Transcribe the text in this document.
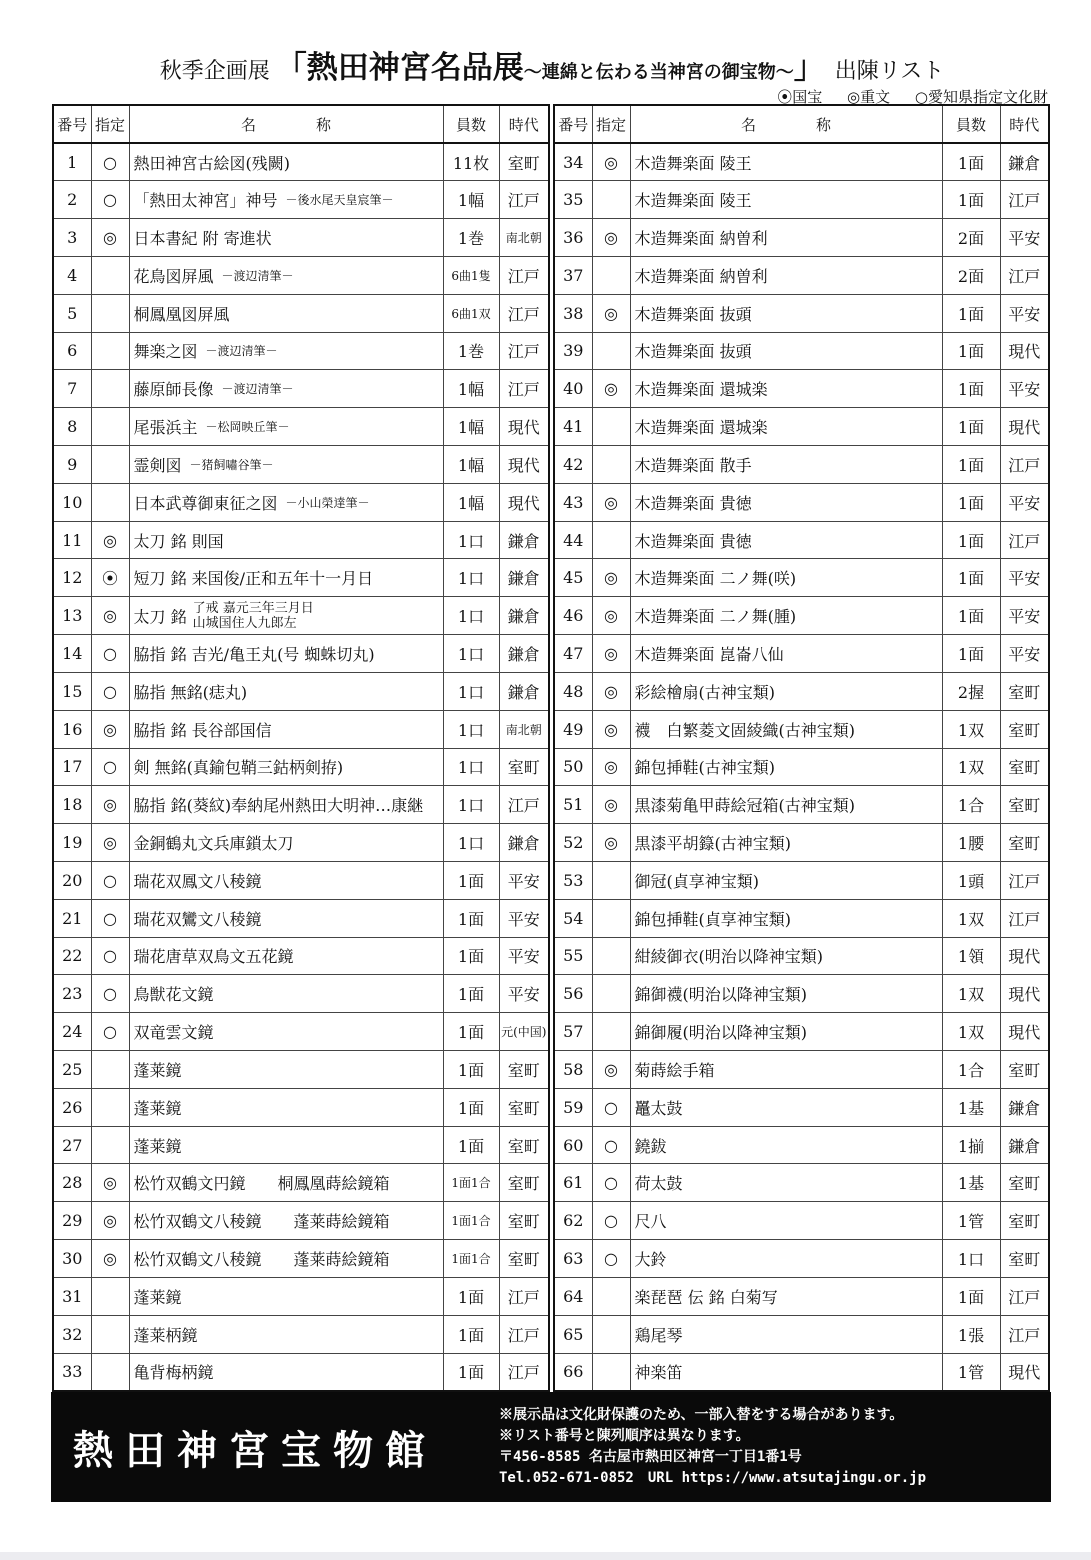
秋季企画展 「熱田神宮名品展 ～連綿と伝わる当神宮の御宝物～ 」 出陳リスト
⦿国宝 ◎重文 ○愛知県指定文化財
番号	指定	名　　　　称	員数	時代
1	○	熱田神宮古絵図(残闕)	11枚	室町
2	○	「熱田太神宮」神号 －後水尾天皇宸筆－	1幅	江戸
3	◎	日本書紀 附 寄進状	1巻	南北朝
4		花鳥図屏風 －渡辺清筆－	6曲1隻	江戸
5		桐鳳凰図屏風	6曲1双	江戸
6		舞楽之図 －渡辺清筆－	1巻	江戸
7		藤原師長像 －渡辺清筆－	1幅	江戸
8		尾張浜主 －松岡映丘筆－	1幅	現代
9		霊剣図 －猪飼嘯谷筆－	1幅	現代
10		日本武尊御東征之図 －小山榮達筆－	1幅	現代
11	◎	太刀 銘 則国	1口	鎌倉
12	⦿	短刀 銘 来国俊/正和五年十一月日	1口	鎌倉
13	◎	太刀 銘 了戒 嘉元三年三月日
山城国住人九郎左	1口	鎌倉
14	○	脇指 銘 吉光/亀王丸(号 蜘蛛切丸)	1口	鎌倉
15	○	脇指 無銘(痣丸)	1口	鎌倉
16	◎	脇指 銘 長谷部国信	1口	南北朝
17	○	剣 無銘(真鍮包鞘三鈷柄剣拵)	1口	室町
18	◎	脇指 銘(葵紋)奉納尾州熱田大明神…康継	1口	江戸
19	◎	金銅鶴丸文兵庫鎖太刀	1口	鎌倉
20	○	瑞花双鳳文八稜鏡	1面	平安
21	○	瑞花双鸞文八稜鏡	1面	平安
22	○	瑞花唐草双鳥文五花鏡	1面	平安
23	○	鳥獣花文鏡	1面	平安
24	○	双竜雲文鏡	1面	元(中国)
25		蓬莱鏡	1面	室町
26		蓬莱鏡	1面	室町
27		蓬莱鏡	1面	室町
28	◎	松竹双鶴文円鏡　　桐鳳凰蒔絵鏡箱	1面1合	室町
29	◎	松竹双鶴文八稜鏡　　蓬莱蒔絵鏡箱	1面1合	室町
30	◎	松竹双鶴文八稜鏡　　蓬莱蒔絵鏡箱	1面1合	室町
31		蓬莱鏡	1面	江戸
32		蓬莱柄鏡	1面	江戸
33		亀背梅柄鏡	1面	江戸
番号	指定	名　　　　称	員数	時代
34	◎	木造舞楽面 陵王	1面	鎌倉
35		木造舞楽面 陵王	1面	江戸
36	◎	木造舞楽面 納曽利	2面	平安
37		木造舞楽面 納曽利	2面	江戸
38	◎	木造舞楽面 抜頭	1面	平安
39		木造舞楽面 抜頭	1面	現代
40	◎	木造舞楽面 還城楽	1面	平安
41		木造舞楽面 還城楽	1面	現代
42		木造舞楽面 散手	1面	江戸
43	◎	木造舞楽面 貴徳	1面	平安
44		木造舞楽面 貴徳	1面	江戸
45	◎	木造舞楽面 二ノ舞(咲)	1面	平安
46	◎	木造舞楽面 二ノ舞(腫)	1面	平安
47	◎	木造舞楽面 崑崙八仙	1面	平安
48	◎	彩絵檜扇(古神宝類)	2握	室町
49	◎	襪　白繁菱文固綾織(古神宝類)	1双	室町
50	◎	錦包挿鞋(古神宝類)	1双	室町
51	◎	黒漆菊亀甲蒔絵冠箱(古神宝類)	1合	室町
52	◎	黒漆平胡籙(古神宝類)	1腰	室町
53		御冠(貞享神宝類)	1頭	江戸
54		錦包挿鞋(貞享神宝類)	1双	江戸
55		紺綾御衣(明治以降神宝類)	1領	現代
56		錦御襪(明治以降神宝類)	1双	現代
57		錦御履(明治以降神宝類)	1双	現代
58	◎	菊蒔絵手箱	1合	室町
59	○	鼉太鼓	1基	鎌倉
60	○	鐃鈸	1揃	鎌倉
61	○	荷太鼓	1基	室町
62	○	尺八	1管	室町
63	○	大鈴	1口	室町
64		楽琵琶 伝 銘 白菊写	1面	江戸
65		鶏尾琴	1張	江戸
66		神楽笛	1管	現代
熱田神宮宝物館
※展示品は文化財保護のため、一部入替をする場合があります。
※リスト番号と陳列順序は異なります。
〒456-8585 名古屋市熱田区神宮一丁目1番1号
Tel.052-671-0852　URL https://www.atsutajingu.or.jp
